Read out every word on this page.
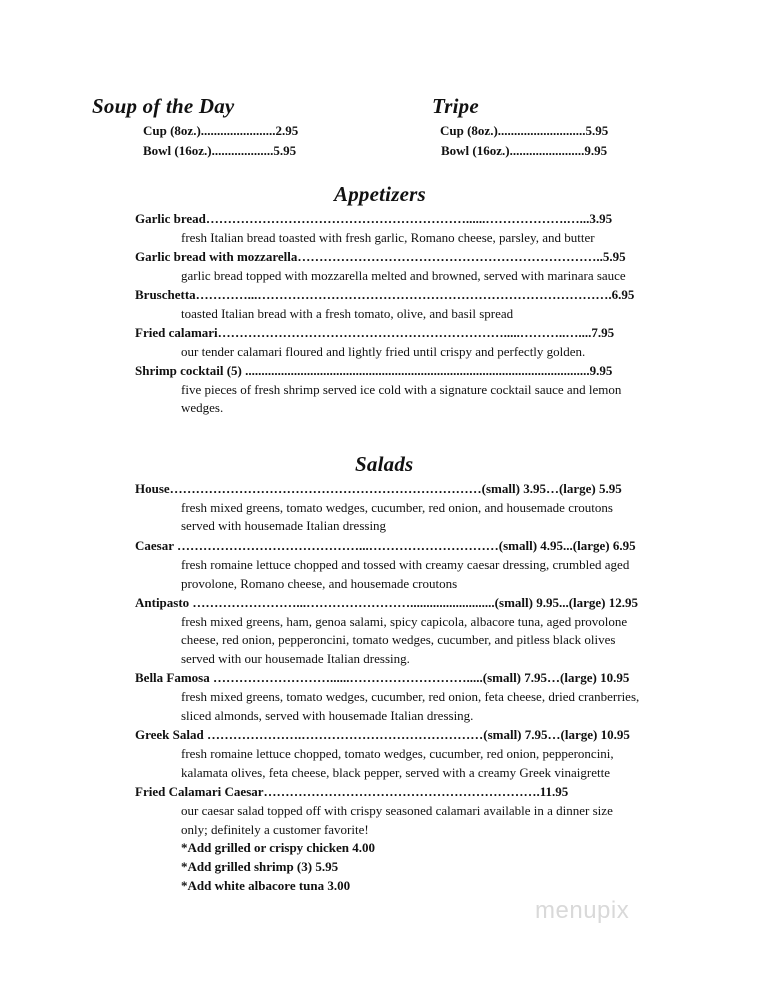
Soup of the Day
Cup (8oz.).......................2.95
Bowl (16oz.)...................5.95
Tripe
Cup (8oz.)...........................5.95
Bowl (16oz.).......................9.95
Appetizers
Garlic bread……………………………………………………......……………….…...3.95
fresh Italian bread toasted with fresh garlic, Romano cheese, parsley, and butter
Garlic bread with mozzarella……………………………………………………………..5.95
garlic bread topped with mozzarella melted and browned, served with marinara sauce
Bruschetta…………...……………………………………………………………………….6.95
toasted Italian bread with a fresh tomato, olive, and basil spread
Fried calamari………………………………………………………….....………..…....7.95
our tender calamari floured and lightly fried until crispy and perfectly golden.
Shrimp cocktail (5) ..........................................................................................................9.95
five pieces of fresh shrimp served ice cold with a signature cocktail sauce and lemon
wedges.
Salads
House………………………………………………………………(small) 3.95…(large) 5.95
fresh mixed greens, tomato wedges, cucumber, red onion, and housemade croutons
served with housemade Italian dressing
Caesar ……………………………………...…………………………(small) 4.95...(large) 6.95
fresh romaine lettuce chopped and tossed with creamy caesar dressing, crumbled aged
provolone, Romano cheese, and housemade croutons
Antipasto ……………………...……………………..........................(small) 9.95...(large) 12.95
fresh mixed greens, ham, genoa salami, spicy capicola, albacore tuna, aged provolone
cheese, red onion, pepperoncini, tomato wedges, cucumber, and pitless black olives
served with our housemade Italian dressing.
Bella Famosa ………………………......……………………….....(small) 7.95…(large) 10.95
fresh mixed greens, tomato wedges, cucumber, red onion, feta cheese, dried cranberries,
sliced almonds, served with housemade Italian dressing.
Greek Salad ………………….……………………………………(small) 7.95…(large) 10.95
fresh romaine lettuce chopped, tomato wedges, cucumber, red onion, pepperoncini,
kalamata olives, feta cheese, black pepper, served with a creamy Greek vinaigrette
Fried Calamari Caesar……………………………………………………….11.95
our caesar salad topped off with crispy seasoned calamari available in a dinner size
only; definitely a customer favorite!
*Add grilled or crispy chicken 4.00
*Add grilled shrimp (3) 5.95
*Add white albacore tuna 3.00
menupix
